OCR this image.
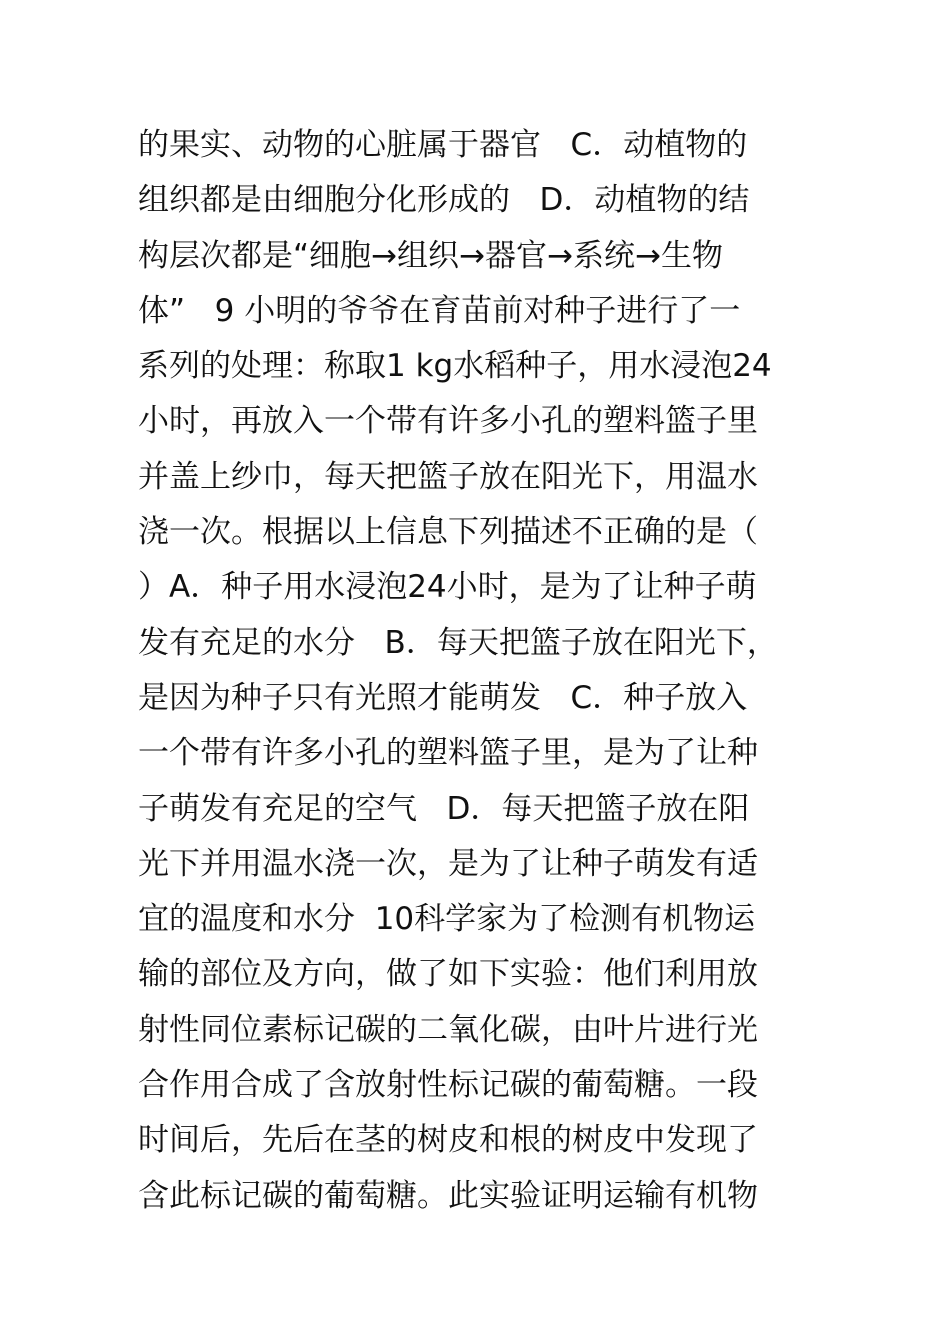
的果实、动物的心脏属于器官   C．动植物的
组织都是由细胞分化形成的   D．动植物的结
构层次都是“细胞→组织→器官→系统→生物
体”   9 小明的爷爷在育苗前对种子进行了一
系列的处理：称取1 kg水稻种子，用水浸泡24
小时，再放入一个带有许多小孔的塑料篮子里
并盖上纱巾，每天把篮子放在阳光下，用温水
浇一次。根据以上信息下列描述不正确的是（
）A．种子用水浸泡24小时，是为了让种子萌
发有充足的水分   B．每天把篮子放在阳光下，
是因为种子只有光照才能萌发   C．种子放入
一个带有许多小孔的塑料篮子里，是为了让种
子萌发有充足的空气   D．每天把篮子放在阳
光下并用温水浇一次，是为了让种子萌发有适
宜的温度和水分  10科学家为了检测有机物运
输的部位及方向，做了如下实验：他们利用放
射性同位素标记碳的二氧化碳，由叶片进行光
合作用合成了含放射性标记碳的葡萄糖。一段
时间后，先后在茎的树皮和根的树皮中发现了
含此标记碳的葡萄糖。此实验证明运输有机物
